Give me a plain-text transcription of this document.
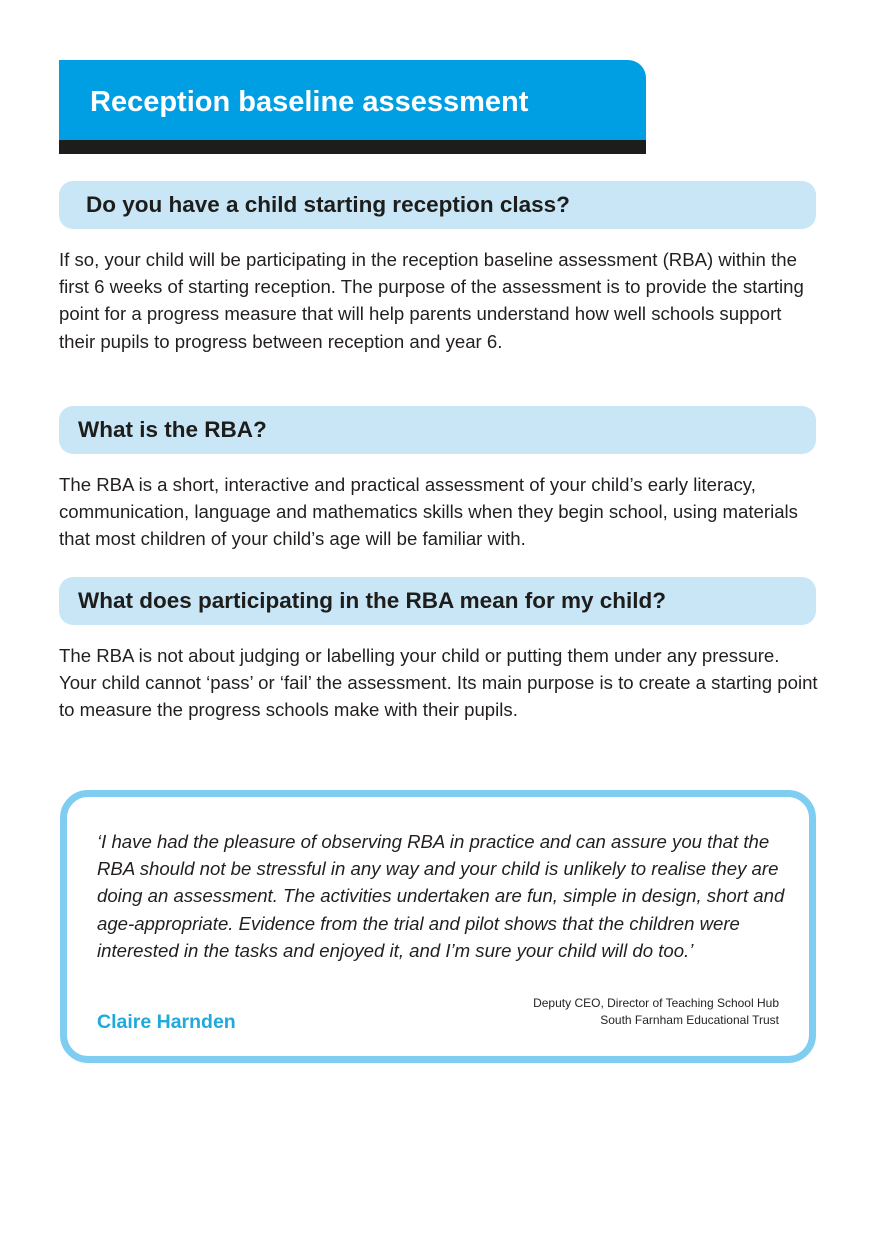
Reception baseline assessment
Do you have a child starting reception class?

If so, your child will be participating in the reception baseline assessment (RBA) within the first 6 weeks of starting reception. The purpose of the assessment is to provide the starting point for a progress measure that will help parents understand how well schools support their pupils to progress between reception and year 6.

What is the RBA?

The RBA is a short, interactive and practical assessment of your child’s early literacy, communication, language and mathematics skills when they begin school, using materials that most children of your child’s age will be familiar with.

What does participating in the RBA mean for my child?

The RBA is not about judging or labelling your child or putting them under any pressure. Your child cannot ‘pass’ or ‘fail’ the assessment. Its main purpose is to create a starting point to measure the progress schools make with their pupils.

‘I have had the pleasure of observing RBA in practice and can assure you that the RBA should not be stressful in any way and your child is unlikely to realise they are doing an assessment. The activities undertaken are fun, simple in design, short and age-appropriate. Evidence from the trial and pilot shows that the children were interested in the tasks and enjoyed it, and I’m sure your child will do too.’

Claire Harnden

Deputy CEO, Director of Teaching School Hub
South Farnham Educational Trust
